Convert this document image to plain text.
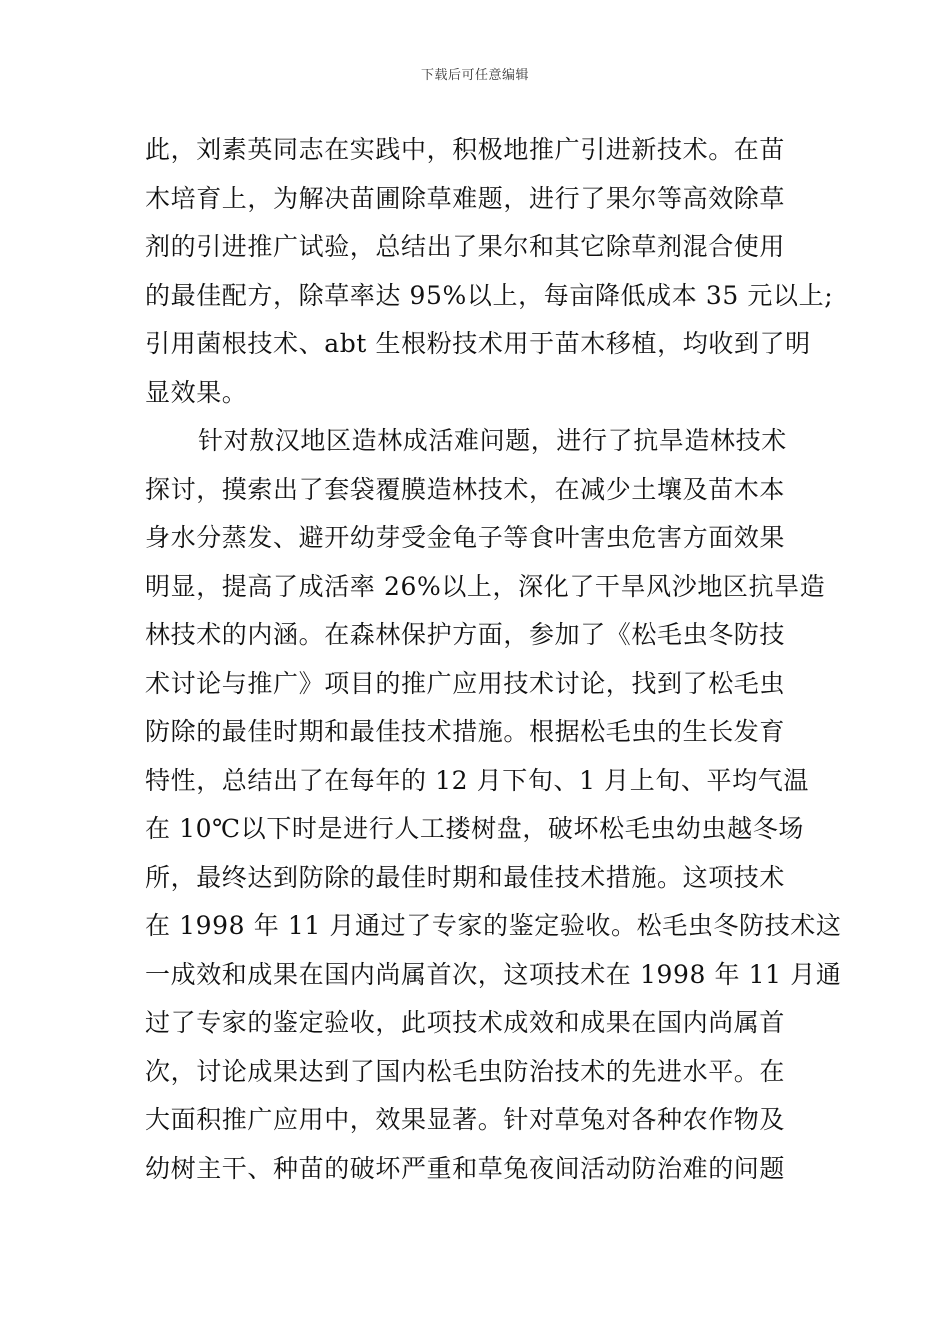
下载后可任意编辑
此，刘素英同志在实践中，积极地推广引进新技术。在苗
木培育上，为解决苗圃除草难题，进行了果尔等高效除草
剂的引进推广试验，总结出了果尔和其它除草剂混合使用
的最佳配方，除草率达 95%以上，每亩降低成本 35 元以上;
引用菌根技术、abt 生根粉技术用于苗木移植，均收到了明
显效果。
针对敖汉地区造林成活难问题，进行了抗旱造林技术
探讨，摸索出了套袋覆膜造林技术，在减少土壤及苗木本
身水分蒸发、避开幼芽受金龟子等食叶害虫危害方面效果
明显，提高了成活率 26%以上，深化了干旱风沙地区抗旱造
林技术的内涵。在森林保护方面，参加了《松毛虫冬防技
术讨论与推广》项目的推广应用技术讨论，找到了松毛虫
防除的最佳时期和最佳技术措施。根据松毛虫的生长发育
特性，总结出了在每年的 12 月下旬、1 月上旬、平均气温
在 10℃以下时是进行人工搂树盘，破坏松毛虫幼虫越冬场
所，最终达到防除的最佳时期和最佳技术措施。这项技术
在 1998 年 11 月通过了专家的鉴定验收。松毛虫冬防技术这
一成效和成果在国内尚属首次，这项技术在 1998 年 11 月通
过了专家的鉴定验收，此项技术成效和成果在国内尚属首
次，讨论成果达到了国内松毛虫防治技术的先进水平。在
大面积推广应用中，效果显著。针对草兔对各种农作物及
幼树主干、种苗的破坏严重和草兔夜间活动防治难的问题
